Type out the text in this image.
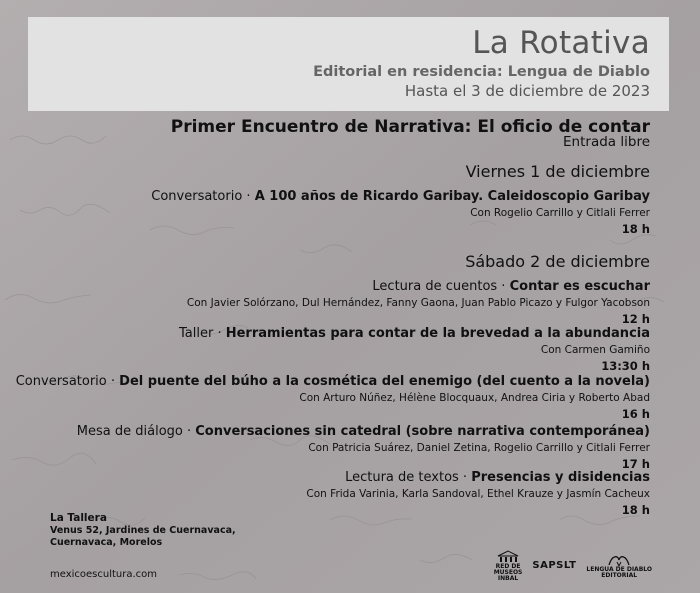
La Rotativa
Editorial en residencia: Lengua de Diablo
Hasta el 3 de diciembre de 2023
Primer Encuentro de Narrativa: El oficio de contar
Entrada libre
Viernes 1 de diciembre
Conversatorio · A 100 años de Ricardo Garibay. Caleidoscopio Garibay
Con Rogelio Carrillo y Citlali Ferrer
18 h
Sábado 2 de diciembre
Lectura de cuentos · Contar es escuchar
Con Javier Solórzano, Dul Hernández, Fanny Gaona, Juan Pablo Picazo y Fulgor Yacobson
12 h
Taller · Herramientas para contar de la brevedad a la abundancia
Con Carmen Gamiño
13:30 h
Conversatorio · Del puente del búho a la cosmética del enemigo (del cuento a la novela)
Con Arturo Núñez, Hélène Blocquaux, Andrea Ciria y Roberto Abad
16 h
Mesa de diálogo · Conversaciones sin catedral (sobre narrativa contemporánea)
Con Patricia Suárez, Daniel Zetina, Rogelio Carrillo y Citlali Ferrer
17 h
Lectura de textos · Presencias y disidencias
Con Frida Varinia, Karla Sandoval, Ethel Krauze y Jasmín Cacheux
18 h
La Tallera
Venus 52, Jardines de Cuernavaca,
Cuernavaca, Morelos
mexicoescultura.com
RED DE
MUSEOS
INBAL
SAPSLT LENGUA DE DIABLO
EDITORIAL
